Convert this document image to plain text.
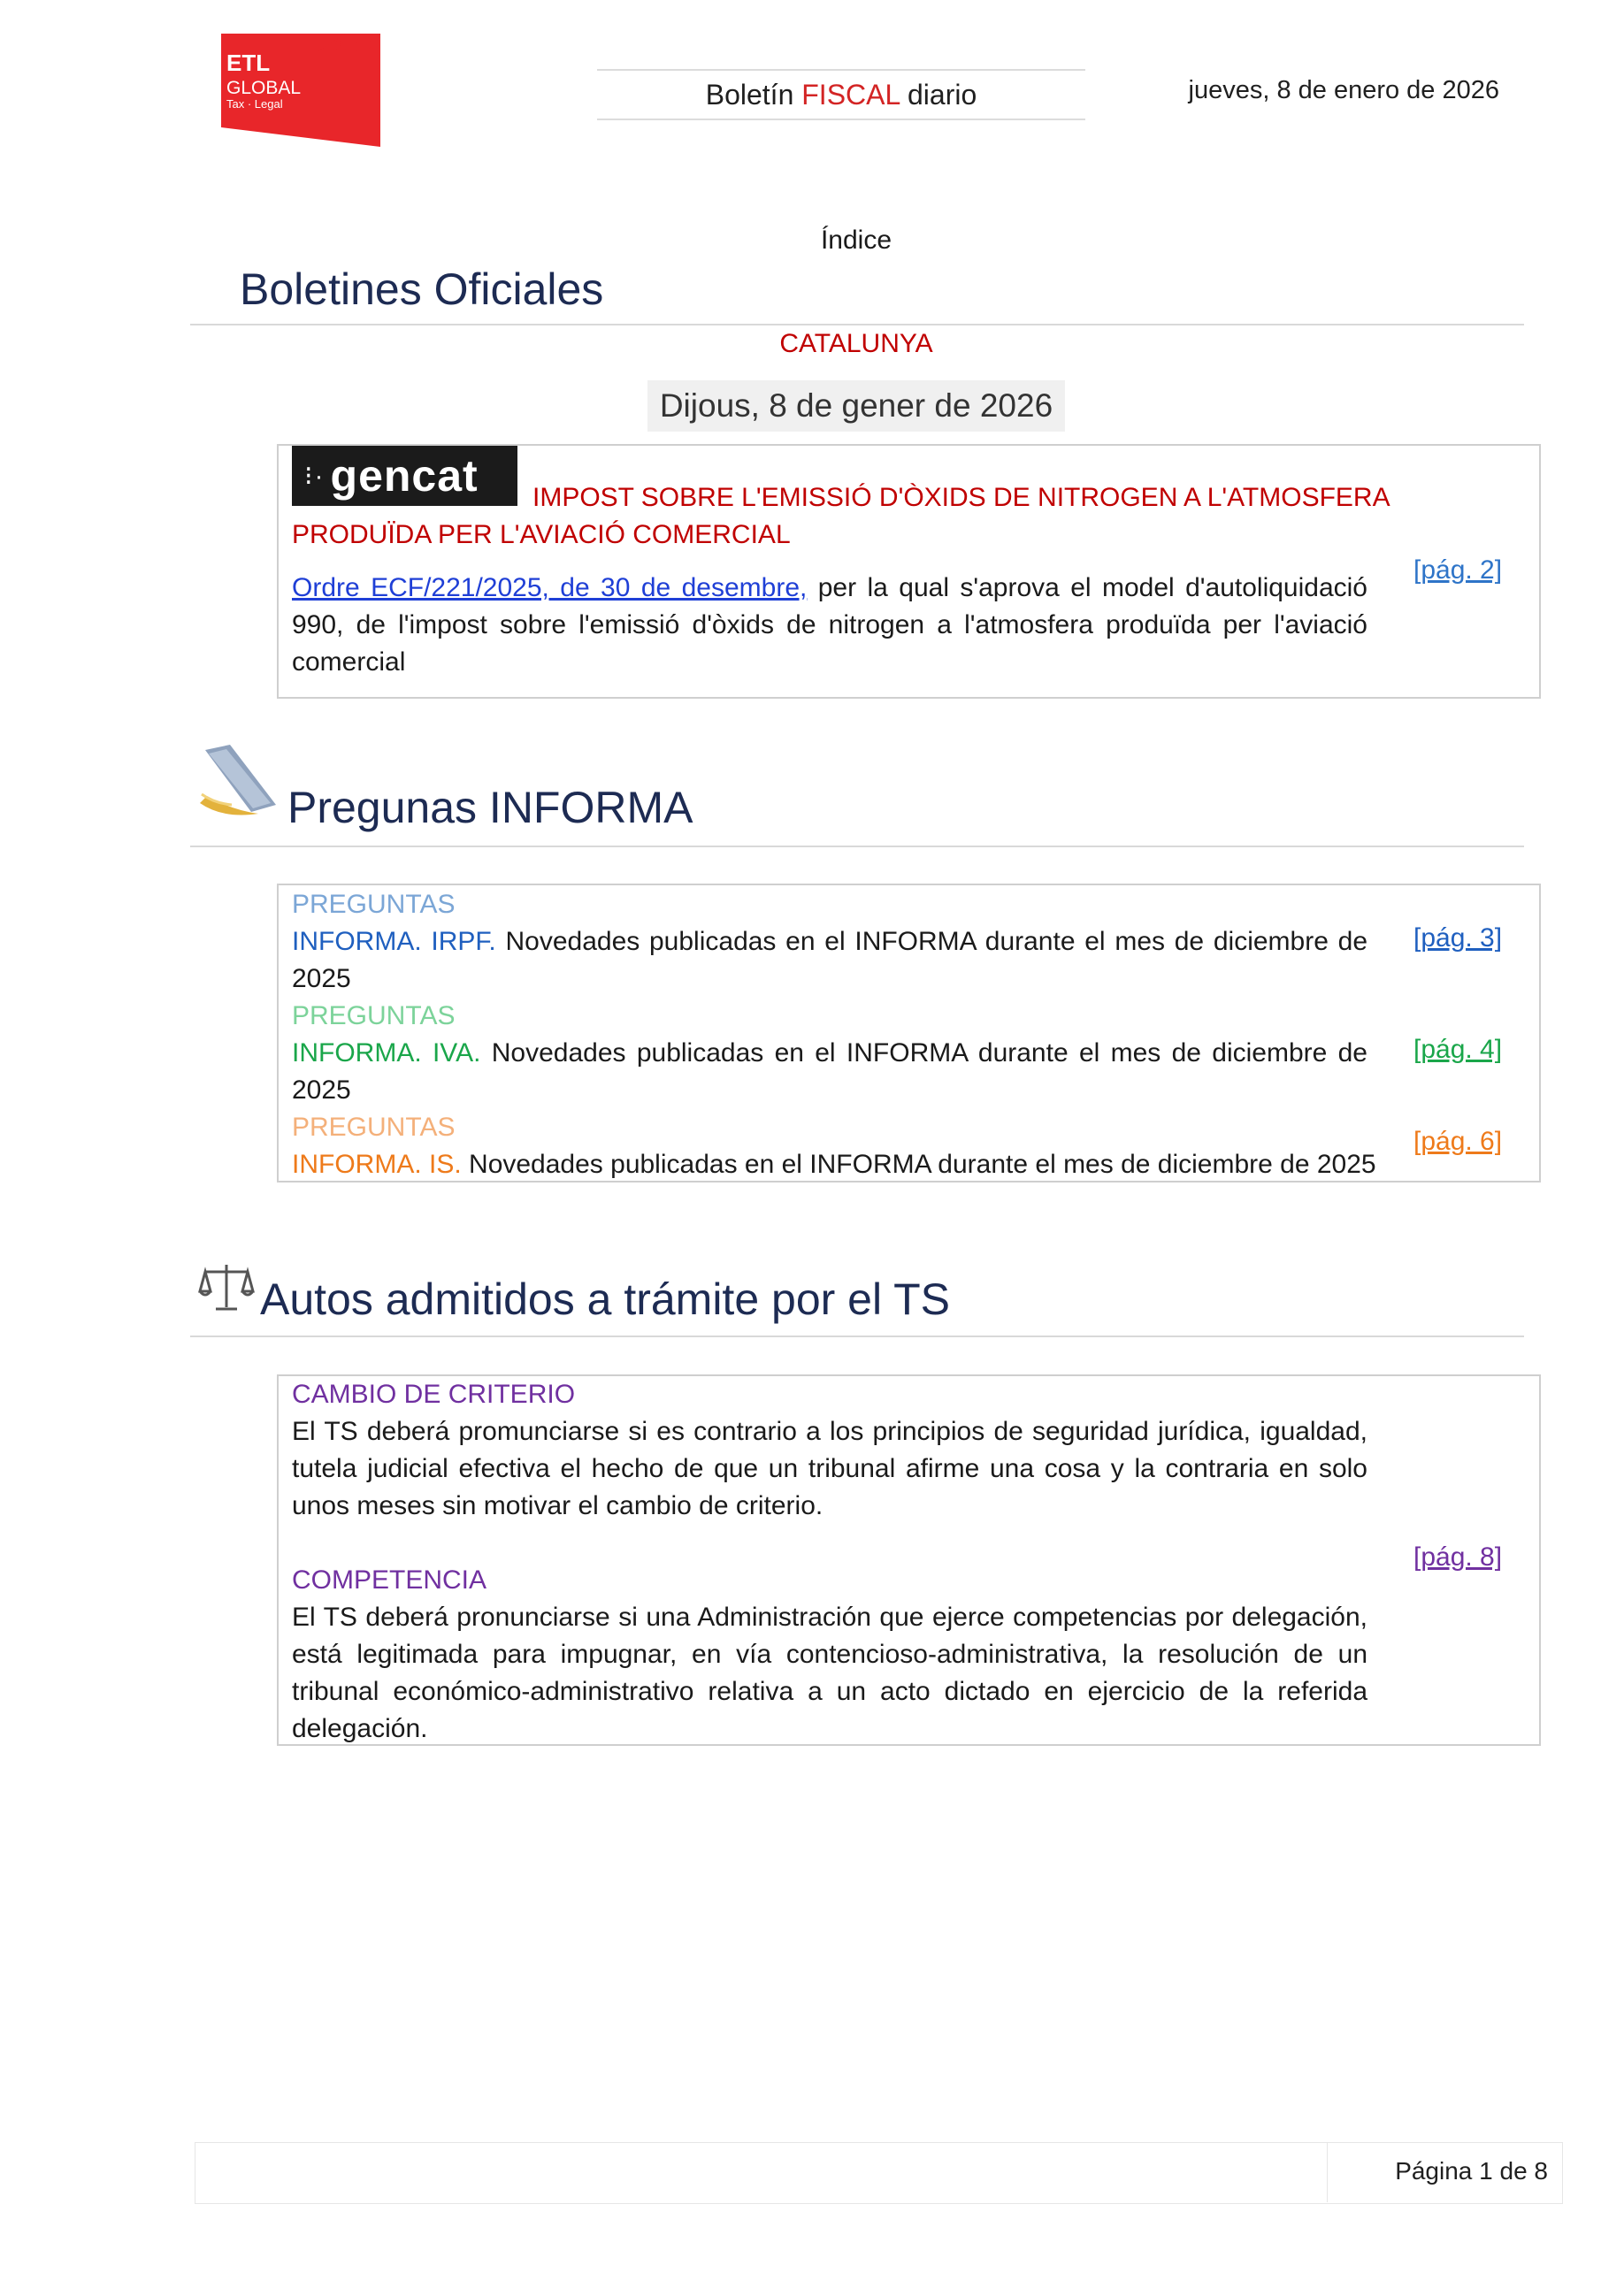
ADD
ETL
GLOBAL
Tax · Legal	Boletín FISCAL diario	jueves, 8 de enero de 2026
Índice
Boletines Oficiales
CATALUNYA
Dijous, 8 de gener de 2026
⁝· gencat IMPOST SOBRE L'EMISSIÓ D'ÒXIDS DE NITROGEN A L'ATMOSFERA
PRODUÏDA PER L'AVIACIÓ COMERCIAL
Ordre ECF/221/2025, de 30 de desembre, per la qual s'aprova el model d'autoliquidació
990, de l'impost sobre l'emissió d'òxids de nitrogen a l'atmosfera produïda per l'aviació
comercial
[pág. 2]
Pregunas INFORMA
PREGUNTAS
INFORMA. IRPF. Novedades publicadas en el INFORMA durante el mes de diciembre de
2025
[pág. 3]
PREGUNTAS
INFORMA. IVA. Novedades publicadas en el INFORMA durante el mes de diciembre de
2025
[pág. 4]
PREGUNTAS
INFORMA. IS. Novedades publicadas en el INFORMA durante el mes de diciembre de 2025
[pág. 6]
Autos admitidos a trámite por el TS
CAMBIO DE CRITERIO
El TS deberá promunciarse si es contrario a los principios de seguridad jurídica, igualdad,
tutela judicial efectiva el hecho de que un tribunal afirme una cosa y la contraria en solo
unos meses sin motivar el cambio de criterio.
COMPETENCIA
El TS deberá pronunciarse si una Administración que ejerce competencias por delegación,
está legitimada para impugnar, en vía contencioso-administrativa, la resolución de un
tribunal económico-administrativo relativa a un acto dictado en ejercicio de la referida
delegación.
[pág. 8]
Página 1 de 8
